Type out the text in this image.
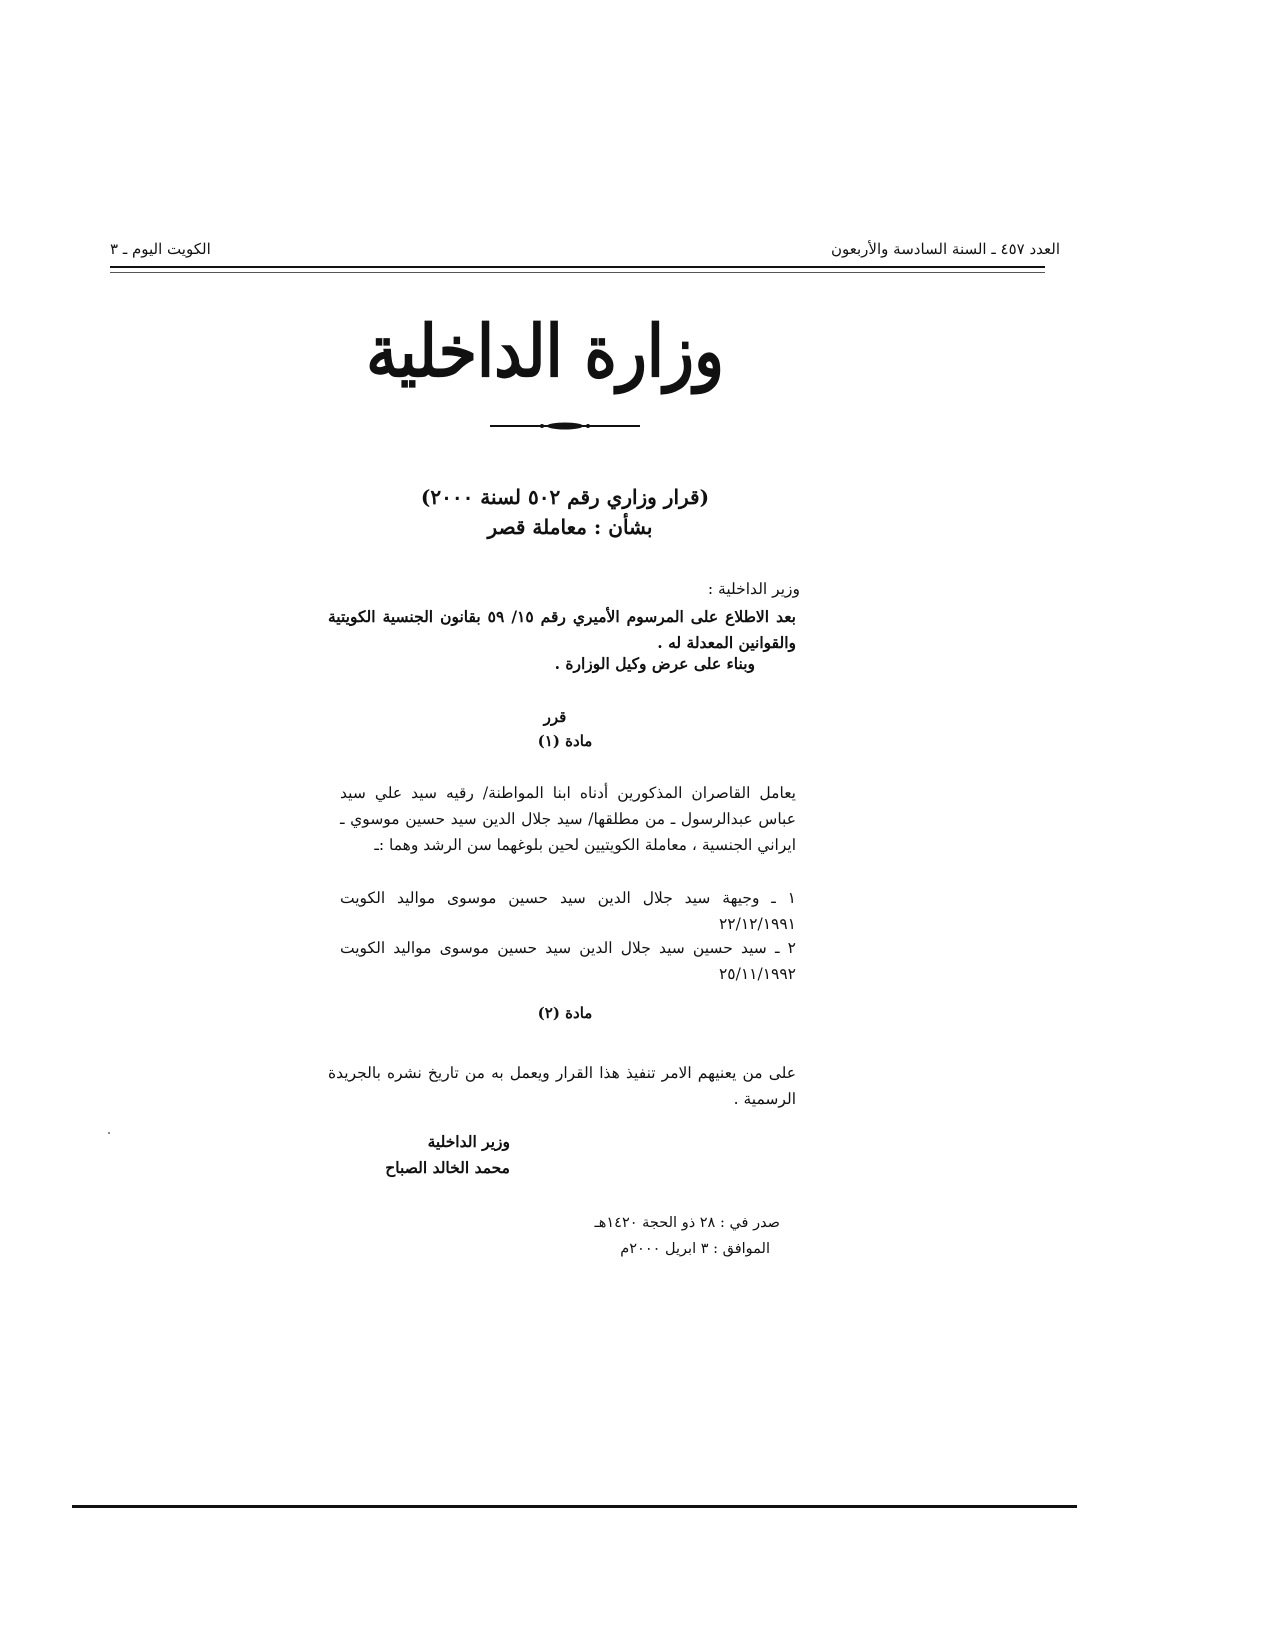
العدد ٤٥٧ ـ السنة السادسة والأربعون
الكويت اليوم ـ ٣
وزارة الداخلية
(قرار وزاري رقم ٥٠٢ لسنة ٢٠٠٠)
بشأن : معاملة قصر
وزير الداخلية :
بعد الاطلاع على المرسوم الأميري رقم ١٥/ ٥٩ بقانون الجنسية الكويتية والقوانين المعدلة له .
وبناء على عرض وكيل الوزارة .
قرر
مادة (١)
يعامل القاصران المذكورين أدناه ابنا المواطنة/ رقيه سيد علي سيد عباس عبدالرسول ـ من مطلقها/ سيد جلال الدين سيد حسين موسوي ـ ايراني الجنسية ، معاملة الكويتيين لحين بلوغهما سن الرشد وهما :ـ
١ ـ وجيهة سيد جلال الدين سيد حسين موسوى مواليد الكويت ٢٢/١٢/١٩٩١
٢ ـ سيد حسين سيد جلال الدين سيد حسين موسوى مواليد الكويت ٢٥/١١/١٩٩٢
مادة (٢)
على من يعنيهم الامر تنفيذ هذا القرار ويعمل به من تاريخ نشره بالجريدة الرسمية .
وزير الداخلية
محمد الخالد الصباح
صدر في : ٢٨ ذو الحجة ١٤٢٠هـ
الموافق : ٣ ابريل ٢٠٠٠م
